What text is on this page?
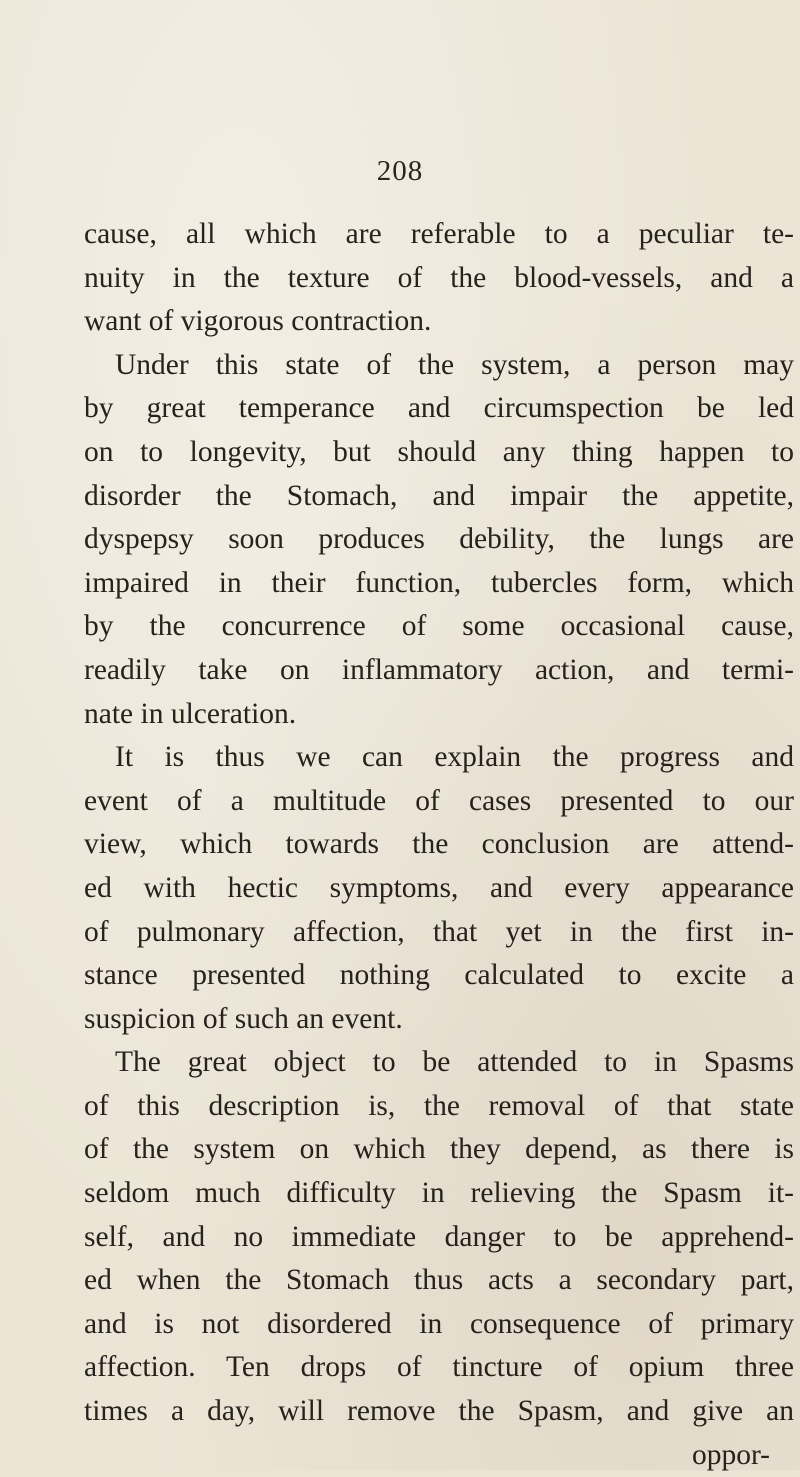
208
cause, all which are referable to a peculiar te-
nuity in the texture of the blood-vessels, and a
want of vigorous contraction.
Under this state of the system, a person may
by great temperance and circumspection be led
on to longevity, but should any thing happen to
disorder the Stomach, and impair the appetite,
dyspepsy soon produces debility, the lungs are
impaired in their function, tubercles form, which
by the concurrence of some occasional cause,
readily take on inflammatory action, and termi-
nate in ulceration.
It is thus we can explain the progress and
event of a multitude of cases presented to our
view, which towards the conclusion are attend-
ed with hectic symptoms, and every appearance
of pulmonary affection, that yet in the first in-
stance presented nothing calculated to excite a
suspicion of such an event.
The great object to be attended to in Spasms
of this description is, the removal of that state
of the system on which they depend, as there is
seldom much difficulty in relieving the Spasm it-
self, and no immediate danger to be apprehend-
ed when the Stomach thus acts a secondary part,
and is not disordered in consequence of primary
affection. Ten drops of tincture of opium three
times a day, will remove the Spasm, and give an
oppor-
